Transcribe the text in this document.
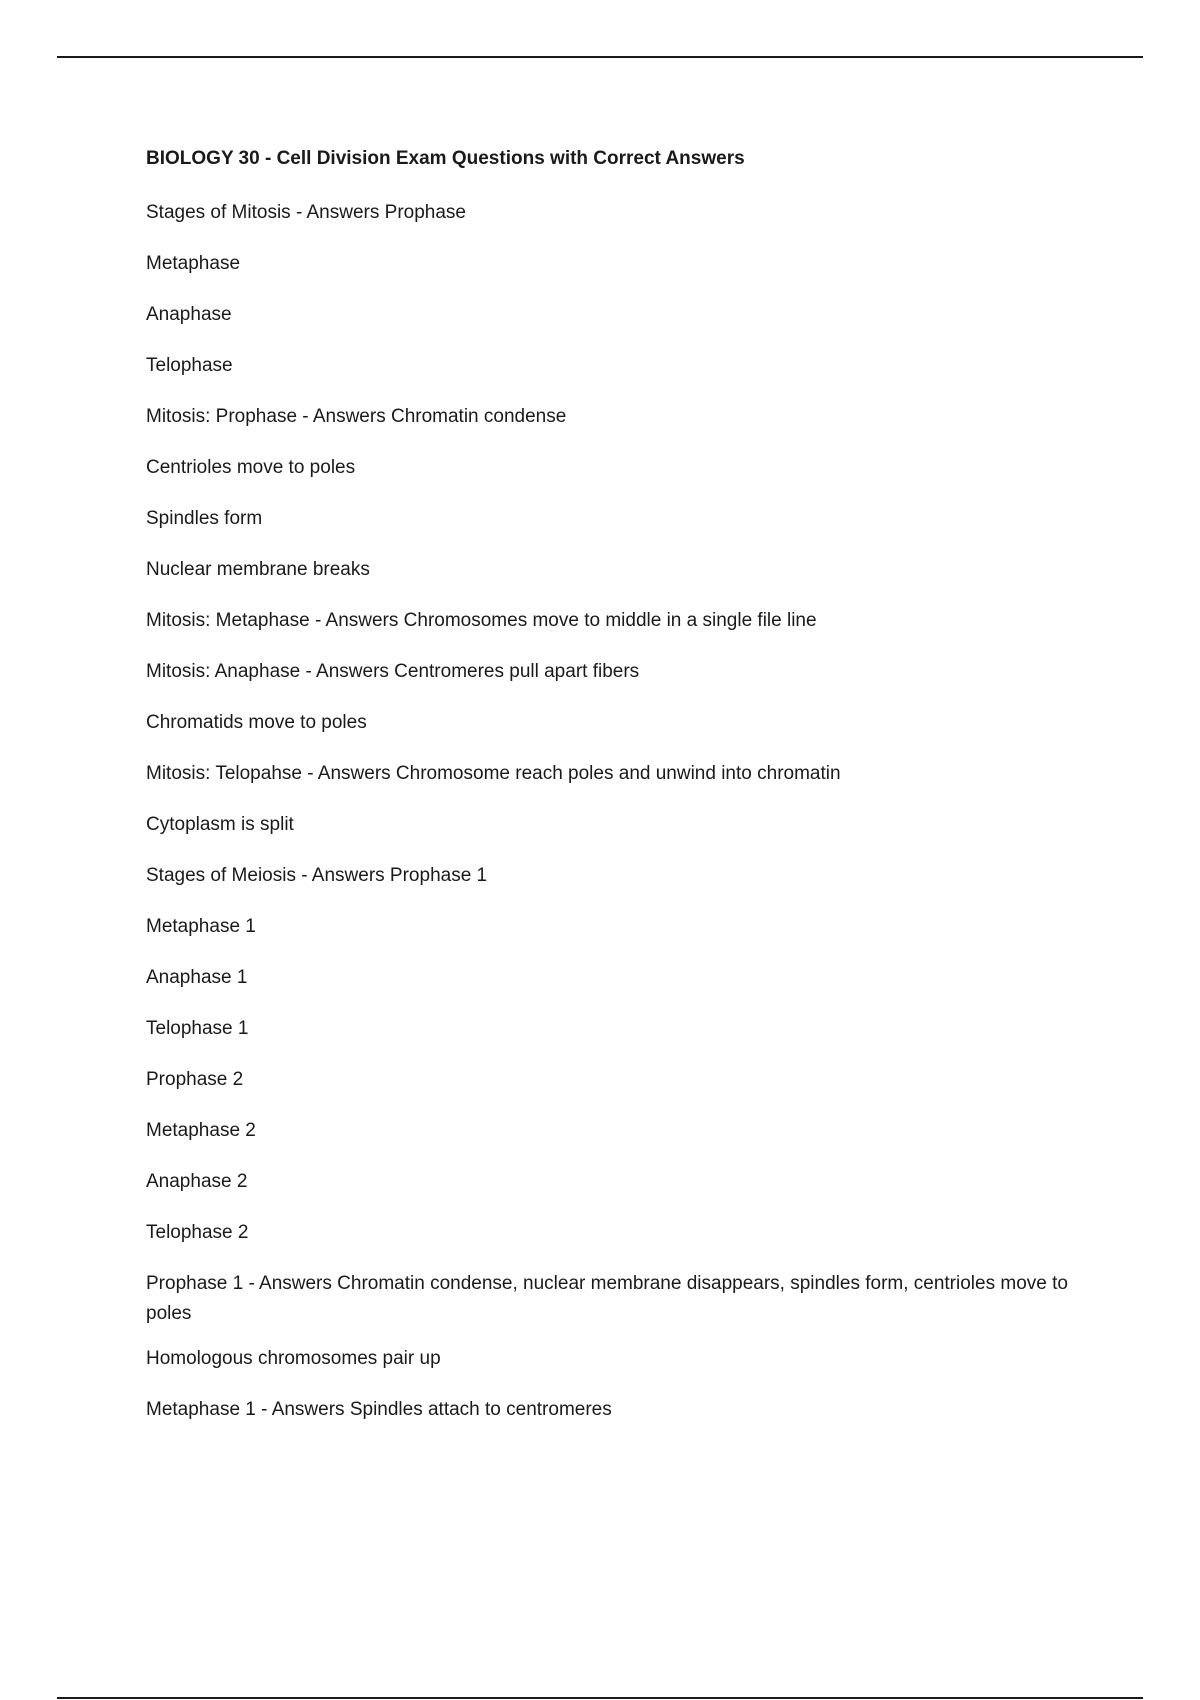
BIOLOGY 30 - Cell Division Exam Questions with Correct Answers
Stages of Mitosis - Answers Prophase
Metaphase
Anaphase
Telophase
Mitosis: Prophase - Answers Chromatin condense
Centrioles move to poles
Spindles form
Nuclear membrane breaks
Mitosis: Metaphase - Answers Chromosomes move to middle in a single file line
Mitosis: Anaphase - Answers Centromeres pull apart fibers
Chromatids move to poles
Mitosis: Telopahse - Answers Chromosome reach poles and unwind into chromatin
Cytoplasm is split
Stages of Meiosis - Answers Prophase 1
Metaphase 1
Anaphase 1
Telophase 1
Prophase 2
Metaphase 2
Anaphase 2
Telophase 2
Prophase 1 - Answers Chromatin condense, nuclear membrane disappears, spindles form, centrioles move to poles
Homologous chromosomes pair up
Metaphase 1 - Answers Spindles attach to centromeres
